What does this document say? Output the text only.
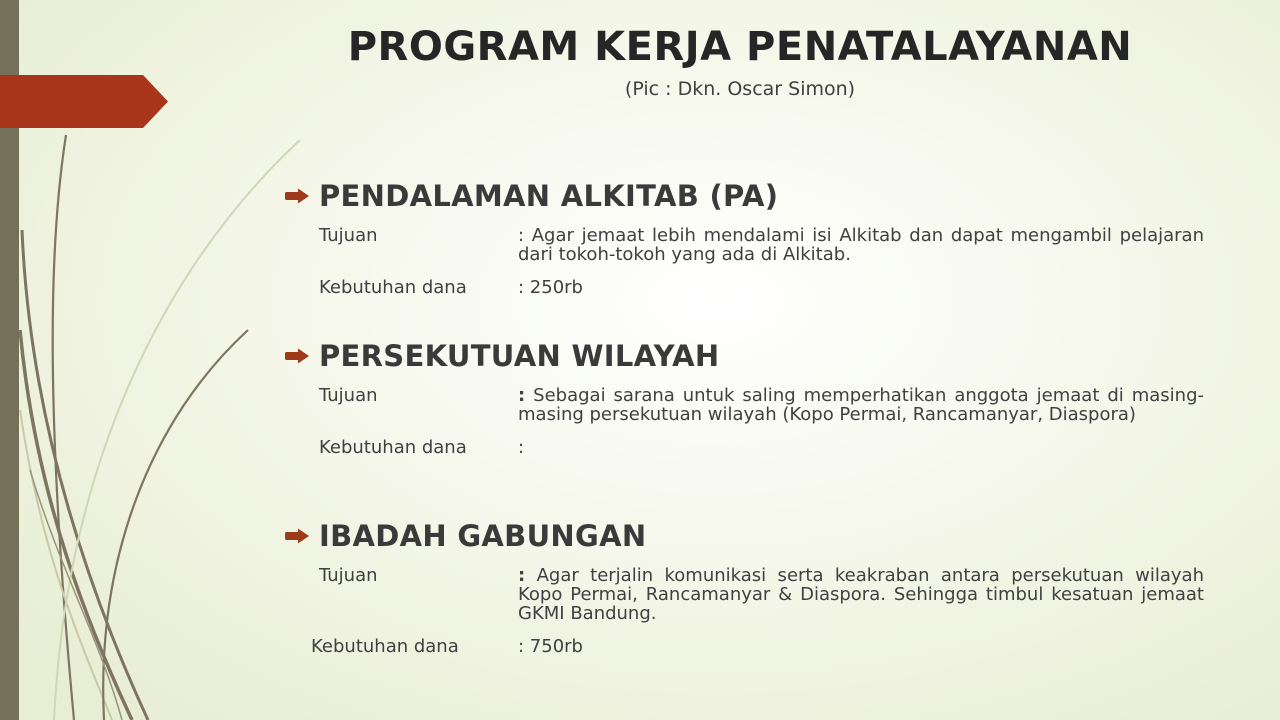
PROGRAM KERJA PENATALAYANAN
(Pic : Dkn. Oscar Simon)
PENDALAMAN ALKITAB (PA)
Tujuan	: Agar jemaat lebih mendalami isi Alkitab dan dapat mengambil pelajaran dari tokoh-tokoh yang ada di Alkitab.
Kebutuhan dana	: 250rb
PERSEKUTUAN WILAYAH
Tujuan	: Sebagai sarana untuk saling memperhatikan anggota jemaat di masing-masing persekutuan wilayah (Kopo Permai, Rancamanyar, Diaspora)
Kebutuhan dana	:
IBADAH GABUNGAN
Tujuan	: Agar terjalin komunikasi serta keakraban antara persekutuan wilayah Kopo Permai, Rancamanyar & Diaspora. Sehingga timbul kesatuan jemaat GKMI Bandung.
Kebutuhan dana	: 750rb
